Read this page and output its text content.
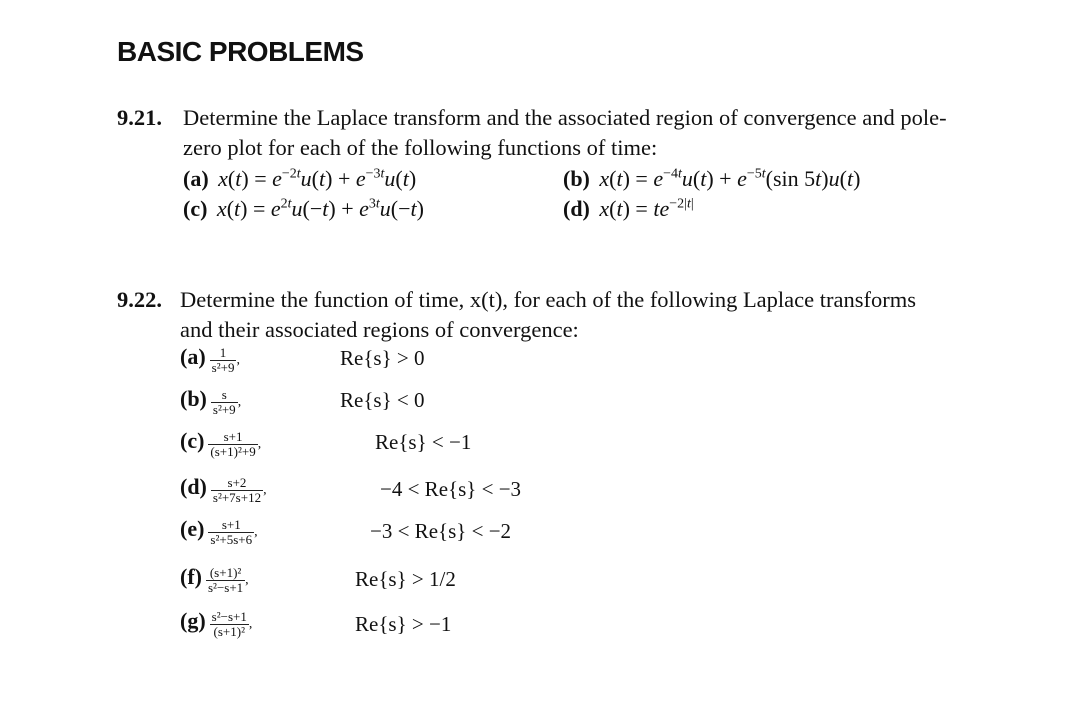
BASIC PROBLEMS
9.21. Determine the Laplace transform and the associated region of convergence and pole-
zero plot for each of the following functions of time:
(a) $x(t) = e^{-2t}u(t) + e^{-3t}u(t)$	(b) $x(t) = e^{-4t}u(t) + e^{-5t}(\sin$ 5t)u(t)
(c) $x(t) = e^{2t}u(-t) + e^{3t}u(-t)$	(d) $x(t) = te^{-2|t|}$
9.22. Determine the function of time, x(t), for each of the following Laplace transforms
and their associated regions of convergence:
$(a) \frac{1}{\text{s²+9}}$ ,	Re{s} > 0
$(b) \frac{s}{\text{s²+9}}$ ,	Re{s} < 0
$(c) \frac{s+1}{\text{(s+1)²+9}}$ ,	Re{s} < −1
$(d) \frac{s+2}{\text{s²+7s+12}}$ ,	−4 < Re{s} < −3
$(e) \frac{s+1}{\text{s²+5s+6}}$ ,	−3 < Re{s} < −2
$(f) \frac{\text{(s+1)²}}{\text{s²−s+1}}$ ,	Re{s} > 1/2
$(g) \frac{\text{s²−s+1}}{\text{(s+1)²}}$ ,	Re{s} > −1
